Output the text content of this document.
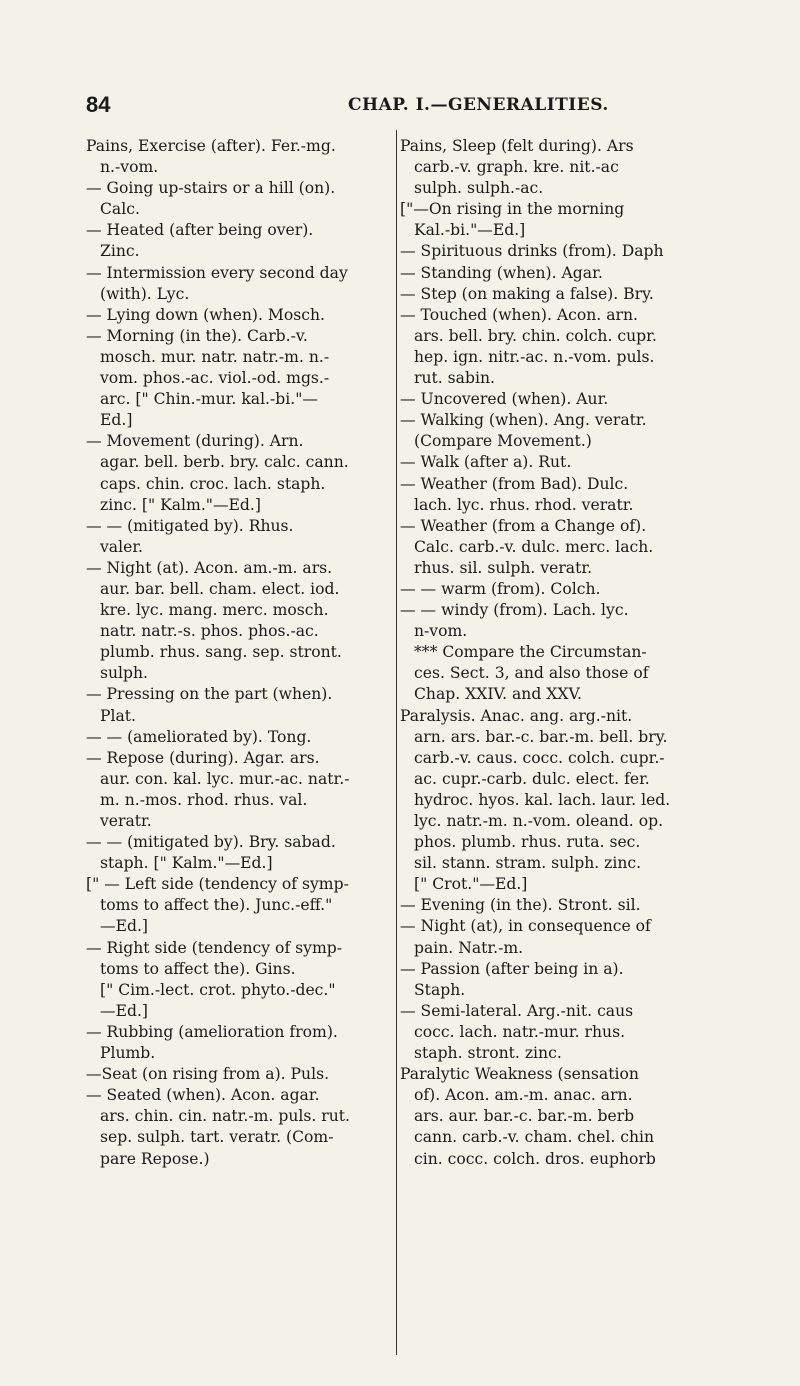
84	CHAP. I.—GENERALITIES.
Pains, Exercise (after). Fer.-mg.
n.-vom.
— Going up-stairs or a hill (on).
Calc.
— Heated (after being over).
Zinc.
— Intermission every second day
(with). Lyc.
— Lying down (when). Mosch.
— Morning (in the). Carb.-v.
mosch. mur. natr. natr.-m. n.-
vom. phos.-ac. viol.-od. mgs.-
arc. [" Chin.-mur. kal.-bi."—
Ed.]
— Movement (during). Arn.
agar. bell. berb. bry. calc. cann.
caps. chin. croc. lach. staph.
zinc. [" Kalm."—Ed.]
— — (mitigated by). Rhus.
valer.
— Night (at). Acon. am.-m. ars.
aur. bar. bell. cham. elect. iod.
kre. lyc. mang. merc. mosch.
natr. natr.-s. phos. phos.-ac.
plumb. rhus. sang. sep. stront.
sulph.
— Pressing on the part (when).
Plat.
— — (ameliorated by). Tong.
— Repose (during). Agar. ars.
aur. con. kal. lyc. mur.-ac. natr.-
m. n.-mos. rhod. rhus. val.
veratr.
— — (mitigated by). Bry. sabad.
staph. [" Kalm."—Ed.]
[" — Left side (tendency of symp-
toms to affect the). Junc.-eff."
—Ed.]
— Right side (tendency of symp-
toms to affect the). Gins.
[" Cim.-lect. crot. phyto.-dec."
—Ed.]
— Rubbing (amelioration from).
Plumb.
—Seat (on rising from a). Puls.
— Seated (when). Acon. agar.
ars. chin. cin. natr.-m. puls. rut.
sep. sulph. tart. veratr. (Com-
pare Repose.)
Pains, Sleep (felt during). Ars
carb.-v. graph. kre. nit.-ac
sulph. sulph.-ac.
["—On rising in the morning
Kal.-bi."—Ed.]
— Spirituous drinks (from). Daph
— Standing (when). Agar.
— Step (on making a false). Bry.
— Touched (when). Acon. arn.
ars. bell. bry. chin. colch. cupr.
hep. ign. nitr.-ac. n.-vom. puls.
rut. sabin.
— Uncovered (when). Aur.
— Walking (when). Ang. veratr.
(Compare Movement.)
— Walk (after a). Rut.
— Weather (from Bad). Dulc.
lach. lyc. rhus. rhod. veratr.
— Weather (from a Change of).
Calc. carb.-v. dulc. merc. lach.
rhus. sil. sulph. veratr.
— — warm (from). Colch.
— — windy (from). Lach. lyc.
n-vom.
*** Compare the Circumstan-
ces. Sect. 3, and also those of
Chap. XXIV. and XXV.
Paralysis. Anac. ang. arg.-nit.
arn. ars. bar.-c. bar.-m. bell. bry.
carb.-v. caus. cocc. colch. cupr.-
ac. cupr.-carb. dulc. elect. fer.
hydroc. hyos. kal. lach. laur. led.
lyc. natr.-m. n.-vom. oleand. op.
phos. plumb. rhus. ruta. sec.
sil. stann. stram. sulph. zinc.
[" Crot."—Ed.]
— Evening (in the). Stront. sil.
— Night (at), in consequence of
pain. Natr.-m.
— Passion (after being in a).
Staph.
— Semi-lateral. Arg.-nit. caus
cocc. lach. natr.-mur. rhus.
staph. stront. zinc.
Paralytic Weakness (sensation
of). Acon. am.-m. anac. arn.
ars. aur. bar.-c. bar.-m. berb
cann. carb.-v. cham. chel. chin
cin. cocc. colch. dros. euphorb
